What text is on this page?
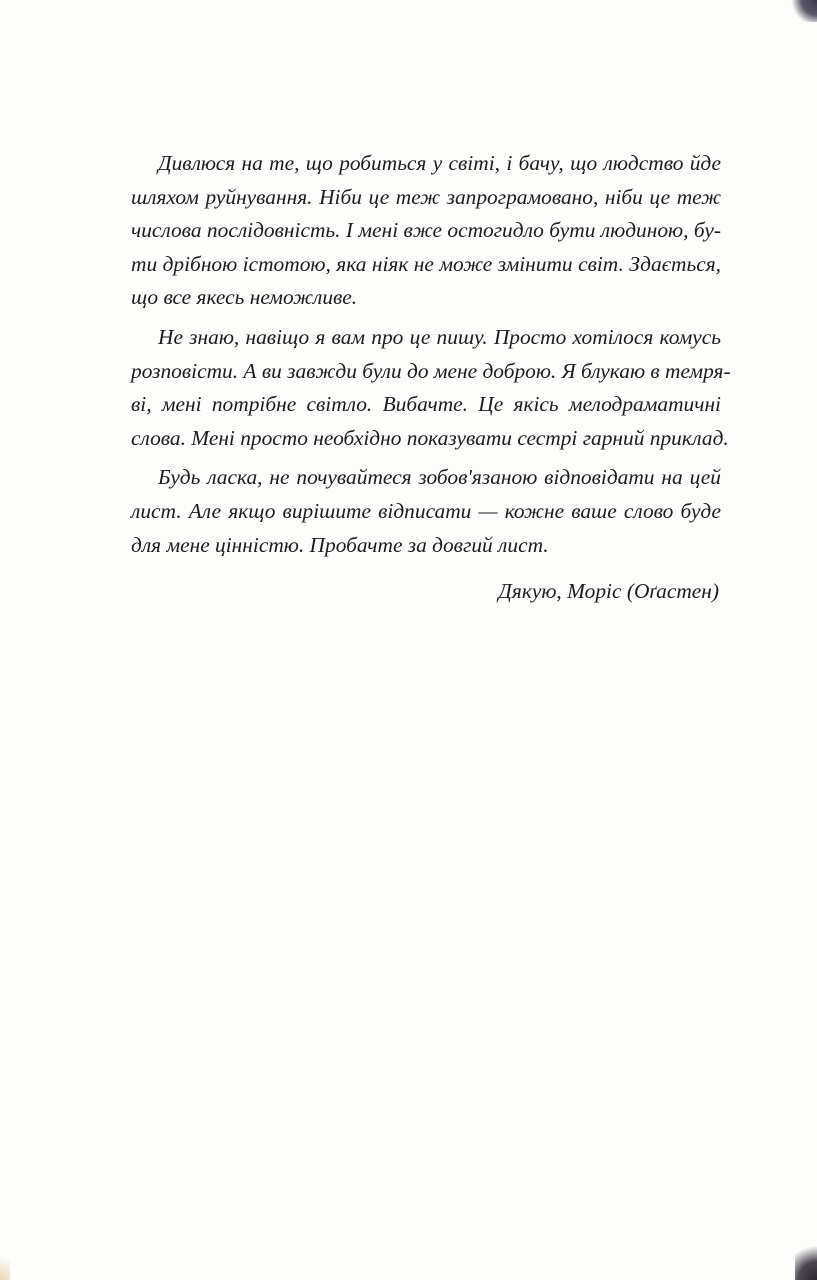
Дивлюся на те, що робиться у світі, і бачу, що людство йде
шляхом руйнування. Ніби це теж запрограмовано, ніби це теж
числова послідовність. І мені вже остогидло бути людиною, бу-
ти дрібною істотою, яка ніяк не може змінити світ. Здається,
що все якесь неможливе.
Не знаю, навіщо я вам про це пишу. Просто хотілося комусь
розповісти. А ви завжди були до мене доброю. Я блукаю в темря-
ві, мені потрібне світло. Вибачте. Це якісь мелодраматичні
слова. Мені просто необхідно показувати сестрі гарний приклад.
Будь ласка, не почувайтеся зобов'язаною відповідати на цей
лист. Але якщо вирішите відписати — кожне ваше слово буде
для мене цінністю. Пробачте за довгий лист.
Дякую, Моріс (Оґастен)
